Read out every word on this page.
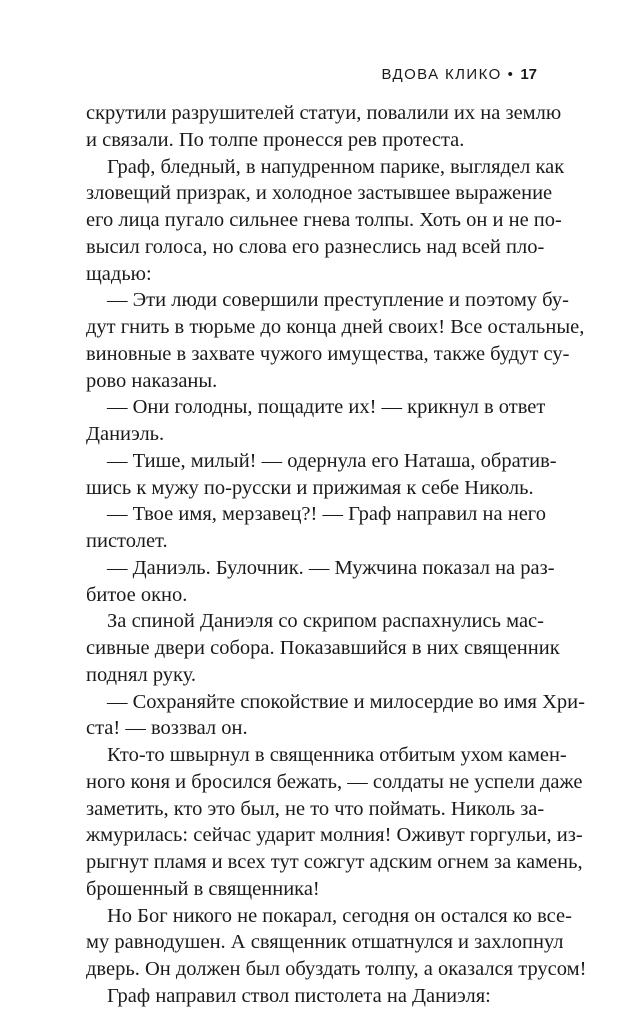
ВДОВА КЛИКО • 17
скрутили разрушителей статуи, повалили их на землю
и связали. По толпе пронесся рев протеста.
Граф, бледный, в напудренном парике, выглядел как
зловещий призрак, и холодное застывшее выражение
его лица пугало сильнее гнева толпы. Хоть он и не по-
высил голоса, но слова его разнеслись над всей пло-
щадью:
— Эти люди совершили преступление и поэтому бу-
дут гнить в тюрьме до конца дней своих! Все остальные,
виновные в захвате чужого имущества, также будут су-
рово наказаны.
— Они голодны, пощадите их! — крикнул в ответ
Даниэль.
— Тише, милый! — одернула его Наташа, обратив-
шись к мужу по-русски и прижимая к себе Николь.
— Твое имя, мерзавец?! — Граф направил на него
пистолет.
— Даниэль. Булочник. — Мужчина показал на раз-
битое окно.
За спиной Даниэля со скрипом распахнулись мас-
сивные двери собора. Показавшийся в них священник
поднял руку.
— Сохраняйте спокойствие и милосердие во имя Хри-
ста! — воззвал он.
Кто-то швырнул в священника отбитым ухом камен-
ного коня и бросился бежать, — солдаты не успели даже
заметить, кто это был, не то что поймать. Николь за-
жмурилась: сейчас ударит молния! Оживут горгульи, из-
рыгнут пламя и всех тут сожгут адским огнем за камень,
брошенный в священника!
Но Бог никого не покарал, сегодня он остался ко все-
му равнодушен. А священник отшатнулся и захлопнул
дверь. Он должен был обуздать толпу, а оказался трусом!
Граф направил ствол пистолета на Даниэля:
